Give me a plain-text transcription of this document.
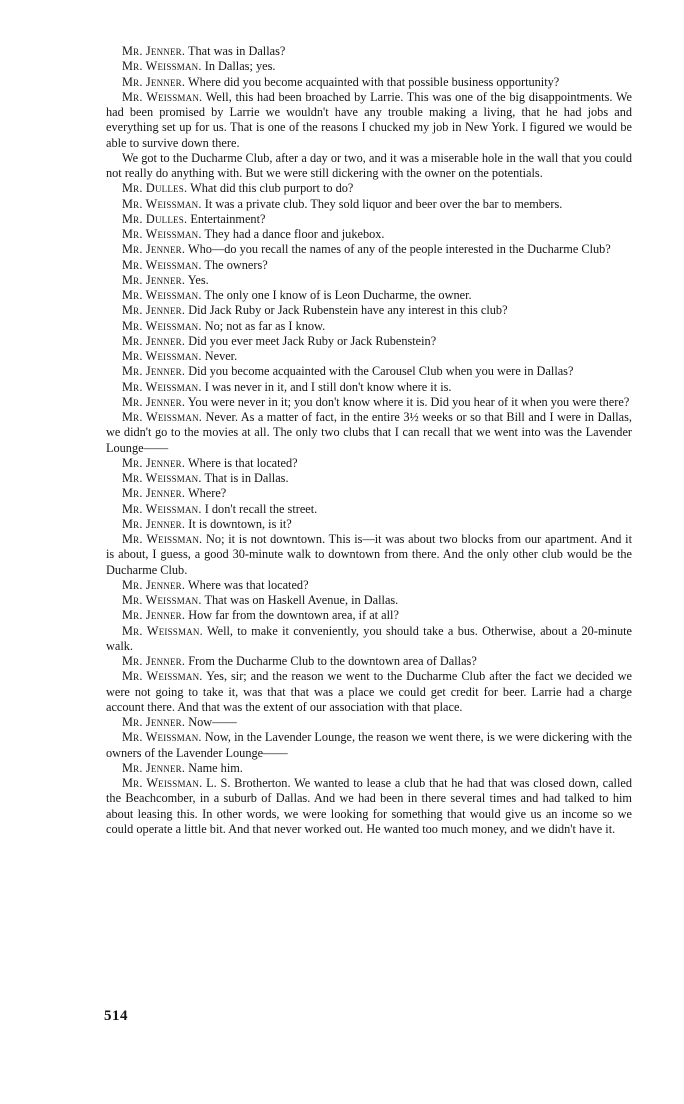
Mr. Jenner. That was in Dallas?

Mr. Weissman. In Dallas; yes.

Mr. Jenner. Where did you become acquainted with that possible business opportunity?

Mr. Weissman. Well, this had been broached by Larrie. This was one of the big disappointments. We had been promised by Larrie we wouldn't have any trouble making a living, that he had jobs and everything set up for us. That is one of the reasons I chucked my job in New York. I figured we would be able to survive down there.

We got to the Ducharme Club, after a day or two, and it was a miserable hole in the wall that you could not really do anything with. But we were still dickering with the owner on the potentials.

Mr. Dulles. What did this club purport to do?

Mr. Weissman. It was a private club. They sold liquor and beer over the bar to members.

Mr. Dulles. Entertainment?

Mr. Weissman. They had a dance floor and jukebox.

Mr. Jenner. Who—do you recall the names of any of the people interested in the Ducharme Club?

Mr. Weissman. The owners?

Mr. Jenner. Yes.

Mr. Weissman. The only one I know of is Leon Ducharme, the owner.

Mr. Jenner. Did Jack Ruby or Jack Rubenstein have any interest in this club?

Mr. Weissman. No; not as far as I know.

Mr. Jenner. Did you ever meet Jack Ruby or Jack Rubenstein?

Mr. Weissman. Never.

Mr. Jenner. Did you become acquainted with the Carousel Club when you were in Dallas?

Mr. Weissman. I was never in it, and I still don't know where it is.

Mr. Jenner. You were never in it; you don't know where it is. Did you hear of it when you were there?

Mr. Weissman. Never. As a matter of fact, in the entire 3½ weeks or so that Bill and I were in Dallas, we didn't go to the movies at all. The only two clubs that I can recall that we went into was the Lavender Lounge——

Mr. Jenner. Where is that located?

Mr. Weissman. That is in Dallas.

Mr. Jenner. Where?

Mr. Weissman. I don't recall the street.

Mr. Jenner. It is downtown, is it?

Mr. Weissman. No; it is not downtown. This is—it was about two blocks from our apartment. And it is about, I guess, a good 30-minute walk to downtown from there. And the only other club would be the Ducharme Club.

Mr. Jenner. Where was that located?

Mr. Weissman. That was on Haskell Avenue, in Dallas.

Mr. Jenner. How far from the downtown area, if at all?

Mr. Weissman. Well, to make it conveniently, you should take a bus. Otherwise, about a 20-minute walk.

Mr. Jenner. From the Ducharme Club to the downtown area of Dallas?

Mr. Weissman. Yes, sir; and the reason we went to the Ducharme Club after the fact we decided we were not going to take it, was that that was a place we could get credit for beer. Larrie had a charge account there. And that was the extent of our association with that place.

Mr. Jenner. Now——

Mr. Weissman. Now, in the Lavender Lounge, the reason we went there, is we were dickering with the owners of the Lavender Lounge——

Mr. Jenner. Name him.

Mr. Weissman. L. S. Brotherton. We wanted to lease a club that he had that was closed down, called the Beachcomber, in a suburb of Dallas. And we had been in there several times and had talked to him about leasing this. In other words, we were looking for something that would give us an income so we could operate a little bit. And that never worked out. He wanted too much money, and we didn't have it.

514
